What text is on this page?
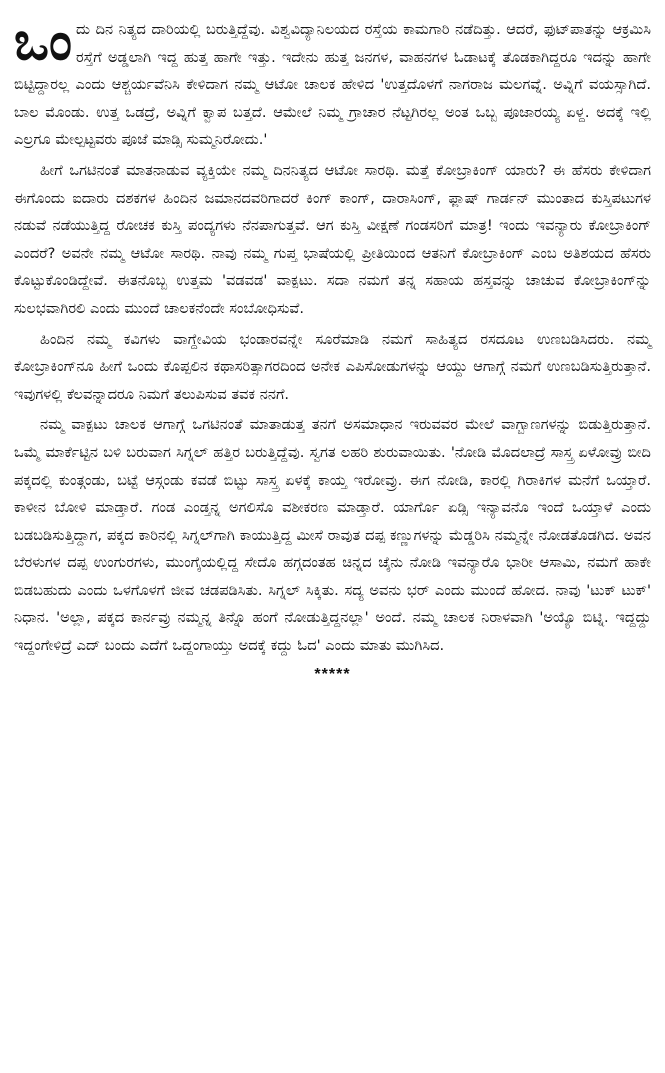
ಒಂದು ದಿನ ನಿತ್ಯದ ದಾರಿಯಲ್ಲಿ ಬರುತ್ತಿದ್ದೆವು. ವಿಶ್ವವಿದ್ಯಾನಿಲಯದ ರಸ್ತೆಯ ಕಾಮಗಾರಿ ನಡೆದಿತ್ತು. ಆದರೆ, ಫುಟ್‌ಪಾತನ್ನು ಆಕ್ರಮಿಸಿ ರಸ್ತೆಗೆ ಅಡ್ಡಲಾಗಿ ಇದ್ದ ಹುತ್ತ ಹಾಗೇ ಇತ್ತು. ಇದೇನು ಹುತ್ತ ಜನಗಳ, ವಾಹನಗಳ ಓಡಾಟಕ್ಕೆ ತೊಡಕಾಗಿದ್ದರೂ ಇದನ್ನು ಹಾಗೇ ಬಿಟ್ಟಿದ್ದಾರಲ್ಲ ಎಂದು ಆಶ್ಚರ್ಯವೆನಿಸಿ ಕೇಳಿದಾಗ ನಮ್ಮ ಆಟೋ ಚಾಲಕ ಹೇಳಿದ 'ಉತ್ತದೊಳಗೆ ನಾಗರಾಜ ಮಲಗವ್ನೆ. ಅವ್ನಿಗೆ ವಯಸ್ಸಾಗಿದೆ. ಬಾಲ ಮೊಂಡು. ಉತ್ತ ಒಡದ್ರೆ, ಅವ್ನಿಗೆ ಕ್ವಾಪ ಬತ್ತದೆ. ಆಮೇಲೆ ನಿಮ್ಮ ಗ್ರಾಚಾರ ನೆಟ್ಟಗಿರಲ್ಲ ಅಂತ ಒಬ್ಬ ಪೂಜಾರಯ್ಯ ಏಳ್ದ. ಅದಕ್ಕೆ ಇಲ್ಲಿ ಎಲ್ರಗೂ ಮೇಲ್ಪಟ್ಟವರು ಪೂಜೆ ಮಾಡ್ಸಿ ಸುಮ್ಮನಿರೋದು.'

ಹೀಗೆ ಒಗಟಿನಂತೆ ಮಾತನಾಡುವ ವ್ಯಕ್ತಿಯೇ ನಮ್ಮ ದಿನನಿತ್ಯದ ಆಟೋ ಸಾರಥಿ. ಮತ್ತೆ ಕೋಬ್ರಾಕಿಂಗ್ ಯಾರು? ಈ ಹೆಸರು ಕೇಳಿದಾಗ ಈಗೊಂದು ಐದಾರು ದಶಕಗಳ ಹಿಂದಿನ ಜಮಾನದವರಿಗಾದರೆ ಕಿಂಗ್ ಕಾಂಗ್, ದಾರಾಸಿಂಗ್, ಫ್ಲಾಷ್ ಗಾರ್ಡನ್ ಮುಂತಾದ ಕುಸ್ತಿಪಟುಗಳ ನಡುವೆ ನಡೆಯುತ್ತಿದ್ದ ರೋಚಕ ಕುಸ್ತಿ ಪಂದ್ಯಗಳು ನೆನಪಾಗುತ್ತವೆ. ಆಗ ಕುಸ್ತಿ ವೀಕ್ಷಣೆ ಗಂಡಸರಿಗೆ ಮಾತ್ರ! ಇಂದು ಇವನ್ಯಾರು ಕೋಬ್ರಾಕಿಂಗ್ ಎಂದರೆ? ಅವನೇ ನಮ್ಮ ಆಟೋ ಸಾರಥಿ. ನಾವು ನಮ್ಮ ಗುಪ್ತ ಭಾಷೆಯಲ್ಲಿ ಪ್ರೀತಿಯಿಂದ ಆತನಿಗೆ ಕೋಬ್ರಾಕಿಂಗ್ ಎಂಬ ಅತಿಶಯದ ಹೆಸರು ಕೊಟ್ಟುಕೊಂಡಿದ್ದೇವೆ. ಈತನೊಬ್ಬ ಉತ್ತಮ 'ವಡವಡ' ವಾಕ್ಪಟು. ಸದಾ ನಮಗೆ ತನ್ನ ಸಹಾಯ ಹಸ್ತವನ್ನು ಚಾಚುವ ಕೋಬ್ರಾಕಿಂಗ್‌ನ್ನು ಸುಲಭವಾಗಿರಲಿ ಎಂದು ಮುಂದೆ ಚಾಲಕನೆಂದೇ ಸಂಬೋಧಿಸುವೆ.

ಹಿಂದಿನ ನಮ್ಮ ಕವಿಗಳು ವಾಗ್ದೇವಿಯ ಭಂಡಾರವನ್ನೇ ಸೂರೆಮಾಡಿ ನಮಗೆ ಸಾಹಿತ್ಯದ ರಸದೂಟ ಉಣಬಡಿಸಿದರು. ನಮ್ಮ ಕೋಬ್ರಾಕಿಂಗ್‌ನೂ ಹೀಗೆ ಒಂದು ಕೊಪ್ಪಲಿನ ಕಥಾಸರಿತ್ಸಾಗರದಿಂದ ಅನೇಕ ಎಪಿಸೋಡುಗಳನ್ನು ಆಯ್ದು ಆಗಾಗ್ಗೆ ನಮಗೆ ಉಣಬಡಿಸುತ್ತಿರುತ್ತಾನೆ. ಇವುಗಳಲ್ಲಿ ಕೆಲವನ್ನಾದರೂ ನಿಮಗೆ ತಲುಪಿಸುವ ತವಕ ನನಗೆ.

ನಮ್ಮ ವಾಕ್ಪಟು ಚಾಲಕ ಆಗಾಗ್ಗೆ ಒಗಟಿನಂತೆ ಮಾತಾಡುತ್ತ ತನಗೆ ಅಸಮಾಧಾನ ಇರುವವರ ಮೇಲೆ ವಾಗ್ಬಾಣಗಳನ್ನು ಬಿಡುತ್ತಿರುತ್ತಾನೆ. ಒಮ್ಮೆ ಮಾರ್ಕೆಟ್ಟಿನ ಬಳಿ ಬರುವಾಗ ಸಿಗ್ನಲ್ ಹತ್ತಿರ ಬರುತ್ತಿದ್ದೆವು. ಸ್ವಗತ ಲಹರಿ ಶುರುವಾಯಿತು. 'ನೋಡಿ ಮೊದಲಾದ್ರೆ ಸಾಸ್ತ್ರ ಏಳೋವ್ರು ಬೀದಿ ಪಕ್ಕದಲ್ಲಿ ಕುಂತ್ಗಂಡು, ಬಟ್ಟೆ ಆಸ್ಗಂಡು ಕವಡೆ ಬಿಟ್ಟು ಸಾಸ್ತ್ರ ಏಳಕ್ಕೆ ಕಾಯ್ತ ಇರೋವ್ರು. ಈಗ ನೋಡಿ, ಕಾರಲ್ಲಿ ಗಿರಾಕಿಗಳ ಮನೆಗೆ ಒಯ್ತಾರೆ. ಕಾಳೀನ ಬೋಳಿ ಮಾಡ್ತಾರೆ. ಗಂಡ ಎಂಡ್ತನ್ನ ಅಗಲಿಸೊ ವಶೀಕರಣ ಮಾಡ್ತಾರೆ. ಯಾರ್ಗೊ ಏಡ್ಸಿ ಇನ್ಯಾವನೊ ಇಂದೆ ಒಯ್ತಾಳೆ ಎಂದು ಬಡಬಡಿಸುತ್ತಿದ್ದಾಗ, ಪಕ್ಕದ ಕಾರಿನಲ್ಲಿ ಸಿಗ್ನಲ್‌ಗಾಗಿ ಕಾಯುತ್ತಿದ್ದ ಮೀಸೆ ರಾವುತ ದಪ್ಪ ಕಣ್ಣುಗಳನ್ನು ಮೆಡ್ಡರಿಸಿ ನಮ್ಮನ್ನೇ ನೋಡತೊಡಗಿದ. ಅವನ ಬೆರಳುಗಳ ದಪ್ಪ ಉಂಗುರಗಳು, ಮುಂಗೈಯಲ್ಲಿದ್ದ ಸೇದೊ ಹಗ್ಗದಂತಹ ಚಿನ್ನದ ಚೈನು ನೋಡಿ ಇವನ್ಯಾರೊ ಭಾರೀ ಆಸಾಮಿ, ನಮಗೆ ಹಾಕೇ ಬಿಡಬಹುದು ಎಂದು ಒಳಗೊಳಗೆ ಜೀವ ಚಡಪಡಿಸಿತು. ಸಿಗ್ನಲ್ ಸಿಕ್ಕಿತು. ಸದ್ಯ ಅವನು ಭರ್ ಎಂದು ಮುಂದೆ ಹೋದ. ನಾವು 'ಟುಕ್ ಟುಕ್' ನಿಧಾನ. 'ಅಲ್ಲಾ, ಪಕ್ಕದ ಕಾರ್ನವ್ರು ನಮ್ಮನ್ನ ತಿನ್ನೊ ಹಂಗೆ ನೋಡುತ್ತಿದ್ದನಲ್ಲಾ' ಅಂದೆ. ನಮ್ಮ ಚಾಲಕ ನಿರಾಳವಾಗಿ 'ಅಯ್ಯೊ ಬಿಟ್ನಿ. ಇದ್ದದ್ದು ಇದ್ದಂಗೇಳಿದ್ರೆ ಎದ್ ಬಂದು ಎದೆಗೆ ಒದ್ದಂಗಾಯ್ತು ಅದಕ್ಕೆ ಕದ್ದು ಓದ' ಎಂದು ಮಾತು ಮುಗಿಸಿದ.

*****
